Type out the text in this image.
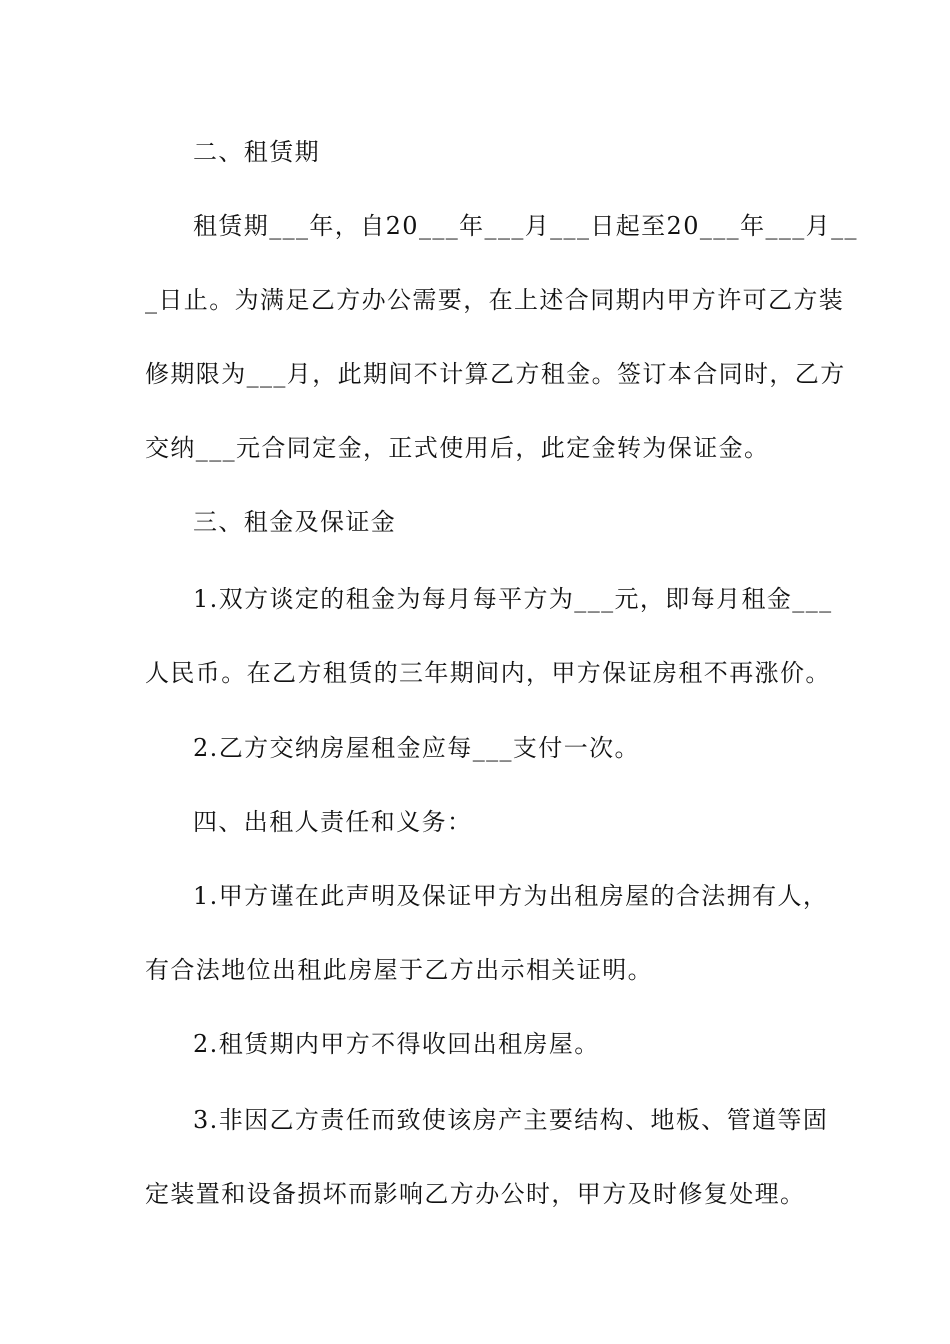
二、租赁期
租赁期___年，自20___年___月___日起至20___年___月__
_日止。为满足乙方办公需要，在上述合同期内甲方许可乙方装
修期限为___月，此期间不计算乙方租金。签订本合同时，乙方
交纳___元合同定金，正式使用后，此定金转为保证金。
三、租金及保证金
1.双方谈定的租金为每月每平方为___元，即每月租金___
人民币。在乙方租赁的三年期间内，甲方保证房租不再涨价。
2.乙方交纳房屋租金应每___支付一次。
四、出租人责任和义务：
1.甲方谨在此声明及保证甲方为出租房屋的合法拥有人，
有合法地位出租此房屋于乙方出示相关证明。
2.租赁期内甲方不得收回出租房屋。
3.非因乙方责任而致使该房产主要结构、地板、管道等固
定装置和设备损坏而影响乙方办公时，甲方及时修复处理。
